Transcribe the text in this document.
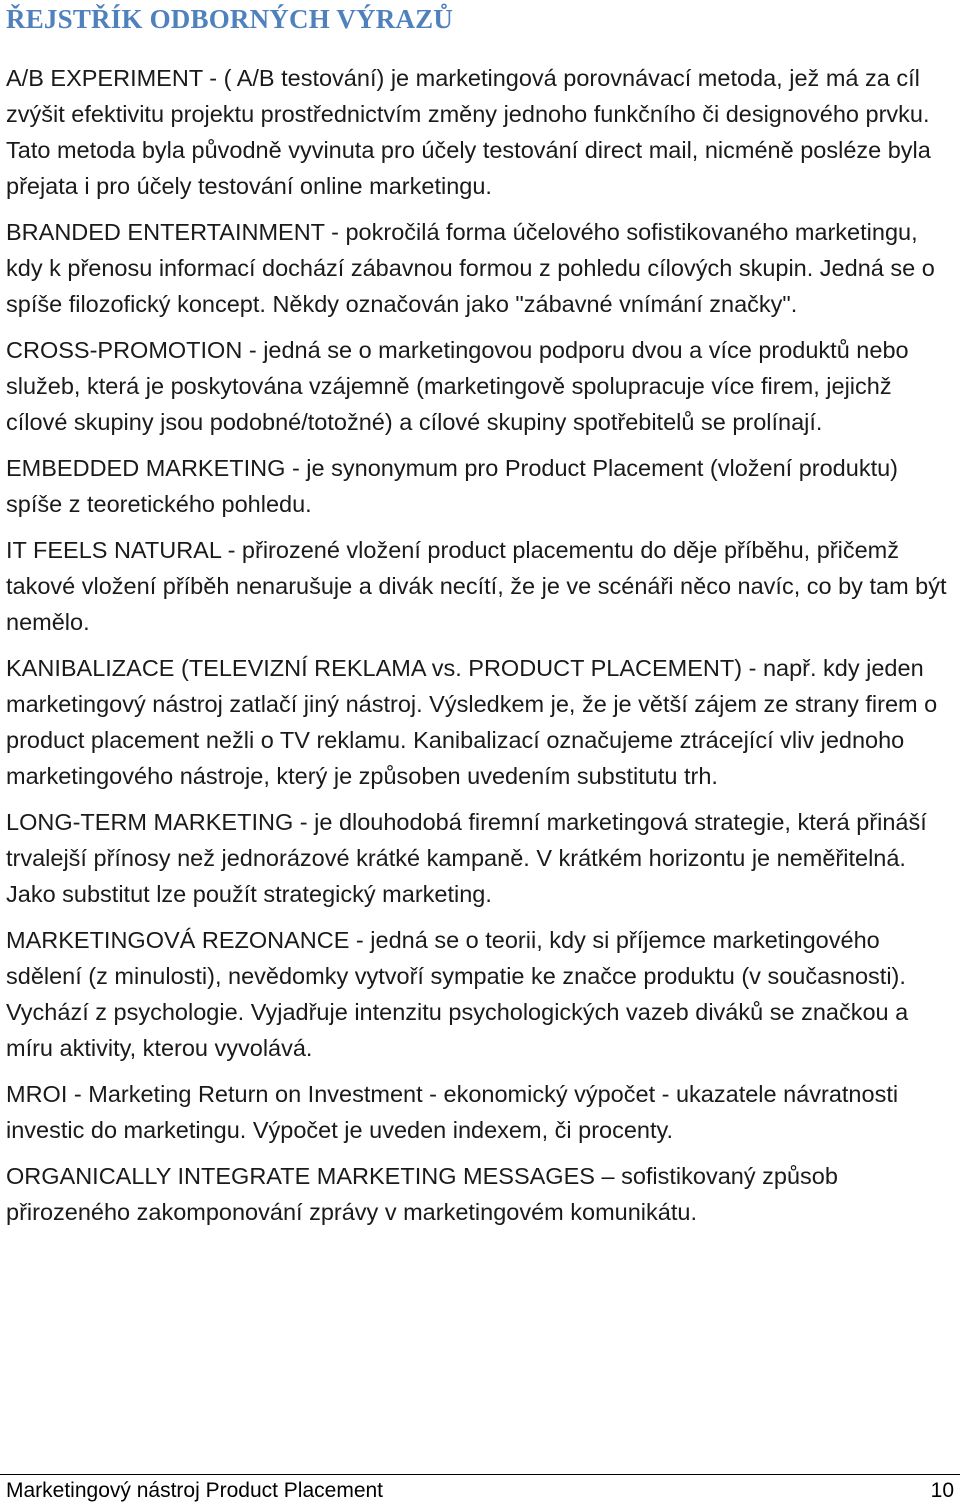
ŘEJSTŘÍK ODBORNÝCH VÝRAZŮ

A/B EXPERIMENT - ( A/B testování) je marketingová porovnávací metoda, jež má za cíl zvýšit efektivitu projektu prostřednictvím změny jednoho funkčního či designového prvku. Tato metoda byla původně vyvinuta pro účely testování direct mail, nicméně posléze byla přejata i pro účely testování online marketingu.

BRANDED ENTERTAINMENT - pokročilá forma účelového sofistikovaného marketingu, kdy k přenosu informací dochází zábavnou formou z pohledu cílových skupin. Jedná se o spíše filozofický koncept. Někdy označován jako "zábavné vnímání značky".

CROSS-PROMOTION - jedná se o marketingovou podporu dvou a více produktů nebo služeb, která je poskytována vzájemně (marketingově spolupracuje více firem, jejichž cílové skupiny jsou podobné/totožné) a cílové skupiny spotřebitelů se prolínají.

EMBEDDED MARKETING - je synonymum pro Product Placement (vložení produktu) spíše z teoretického pohledu.

IT FEELS NATURAL - přirozené vložení product placementu do děje příběhu, přičemž takové vložení příběh nenarušuje a divák necítí, že je ve scénáři něco navíc, co by tam být nemělo.

KANIBALIZACE (TELEVIZNÍ REKLAMA vs. PRODUCT PLACEMENT) - např. kdy jeden marketingový nástroj zatlačí jiný nástroj. Výsledkem je, že je větší zájem ze strany firem o product placement nežli o TV reklamu. Kanibalizací označujeme ztrácející vliv jednoho marketingového nástroje, který je způsoben uvedením substitutu trh.

LONG-TERM MARKETING - je dlouhodobá firemní marketingová strategie, která přináší trvalejší přínosy než jednorázové krátké kampaně. V krátkém horizontu je neměřitelná. Jako substitut lze použít strategický marketing.

MARKETINGOVÁ REZONANCE - jedná se o teorii, kdy si příjemce marketingového sdělení (z minulosti), nevědomky vytvoří sympatie ke značce produktu (v současnosti). Vychází z psychologie. Vyjadřuje intenzitu psychologických vazeb diváků se značkou a míru aktivity, kterou vyvolává.

MROI - Marketing Return on Investment - ekonomický výpočet - ukazatele návratnosti investic do marketingu. Výpočet je uveden indexem, či procenty.

ORGANICALLY INTEGRATE MARKETING MESSAGES – sofistikovaný způsob přirozeného zakomponování zprávy v marketingovém komunikátu.

Marketingový nástroj Product Placement	10
